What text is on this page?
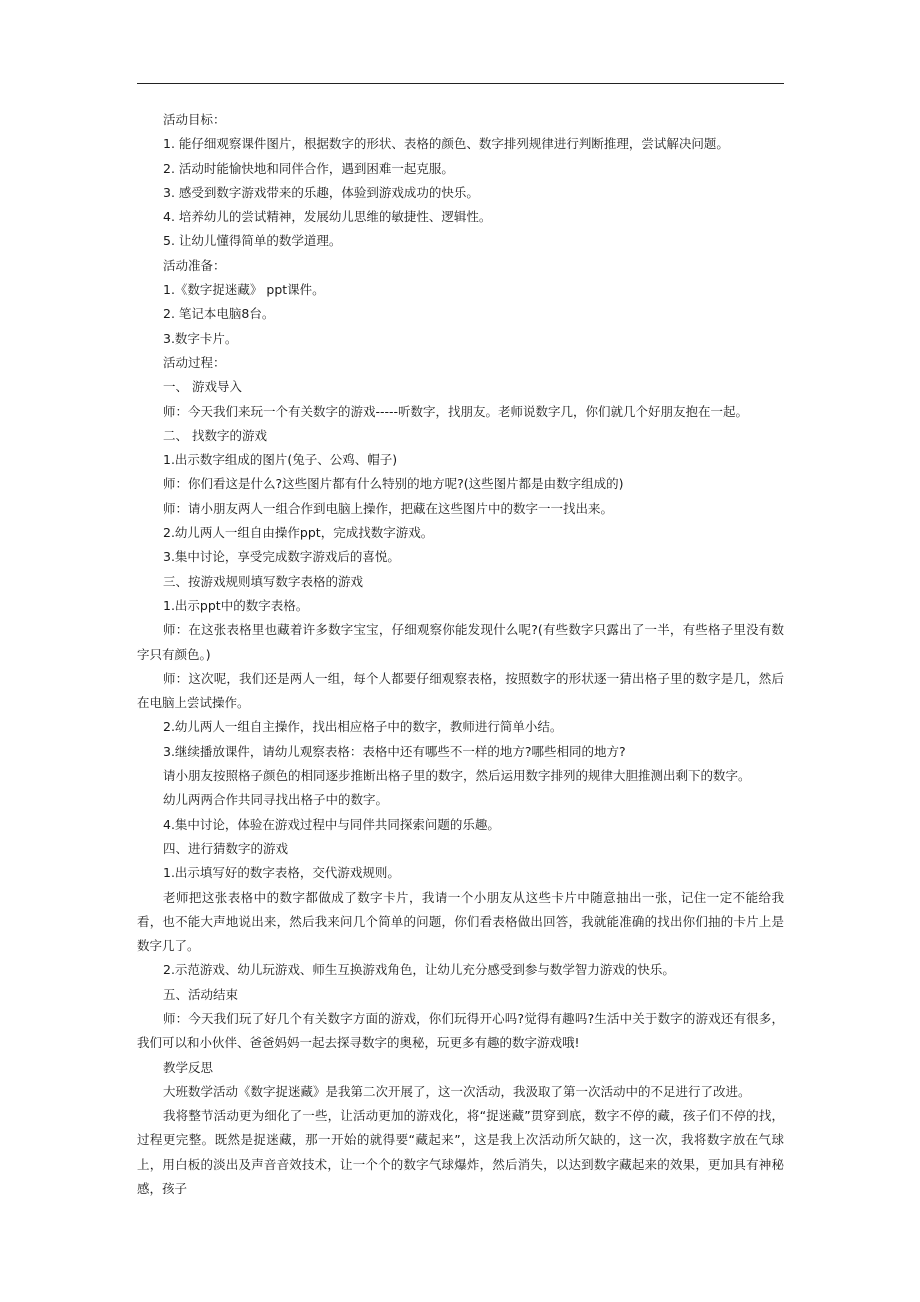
活动目标：

1. 能仔细观察课件图片，根据数字的形状、表格的颜色、数字排列规律进行判断推理，尝试解决问题。

2. 活动时能愉快地和同伴合作，遇到困难一起克服。

3. 感受到数字游戏带来的乐趣，体验到游戏成功的快乐。

4. 培养幼儿的尝试精神，发展幼儿思维的敏捷性、逻辑性。

5. 让幼儿懂得简单的数学道理。

活动准备：

1.《数字捉迷藏》 ppt课件。

2. 笔记本电脑8台。

3.数字卡片。

活动过程：

一、 游戏导入

师：今天我们来玩一个有关数字的游戏-----听数字，找朋友。老师说数字几，你们就几个好朋友抱在一起。

二、 找数字的游戏

1.出示数字组成的图片(兔子、公鸡、帽子)

师：你们看这是什么?这些图片都有什么特别的地方呢?(这些图片都是由数字组成的)

师：请小朋友两人一组合作到电脑上操作，把藏在这些图片中的数字一一找出来。

2.幼儿两人一组自由操作ppt，完成找数字游戏。

3.集中讨论，享受完成数字游戏后的喜悦。

三、按游戏规则填写数字表格的游戏

1.出示ppt中的数字表格。

师：在这张表格里也藏着许多数字宝宝，仔细观察你能发现什么呢?(有些数字只露出了一半，有些格子里没有数字只有颜色。)

师：这次呢，我们还是两人一组，每个人都要仔细观察表格，按照数字的形状逐一猜出格子里的数字是几，然后在电脑上尝试操作。

2.幼儿两人一组自主操作，找出相应格子中的数字，教师进行简单小结。

3.继续播放课件，请幼儿观察表格：表格中还有哪些不一样的地方?哪些相同的地方?

请小朋友按照格子颜色的相同逐步推断出格子里的数字，然后运用数字排列的规律大胆推测出剩下的数字。

幼儿两两合作共同寻找出格子中的数字。

4.集中讨论，体验在游戏过程中与同伴共同探索问题的乐趣。

四、进行猜数字的游戏

1.出示填写好的数字表格，交代游戏规则。

老师把这张表格中的数字都做成了数字卡片，我请一个小朋友从这些卡片中随意抽出一张，记住一定不能给我看，也不能大声地说出来，然后我来问几个简单的问题，你们看表格做出回答，我就能准确的找出你们抽的卡片上是数字几了。

2.示范游戏、幼儿玩游戏、师生互换游戏角色，让幼儿充分感受到参与数学智力游戏的快乐。

五、活动结束

师：今天我们玩了好几个有关数字方面的游戏，你们玩得开心吗?觉得有趣吗?生活中关于数字的游戏还有很多，我们可以和小伙伴、爸爸妈妈一起去探寻数字的奥秘，玩更多有趣的数字游戏哦!

教学反思

大班数学活动《数字捉迷藏》是我第二次开展了，这一次活动，我汲取了第一次活动中的不足进行了改进。

我将整节活动更为细化了一些，让活动更加的游戏化，将“捉迷藏”贯穿到底，数字不停的藏，孩子们不停的找，过程更完整。既然是捉迷藏，那一开始的就得要“藏起来”，这是我上次活动所欠缺的，这一次，我将数字放在气球上，用白板的淡出及声音音效技术，让一个个的数字气球爆炸，然后消失，以达到数字藏起来的效果，更加具有神秘感，孩子
